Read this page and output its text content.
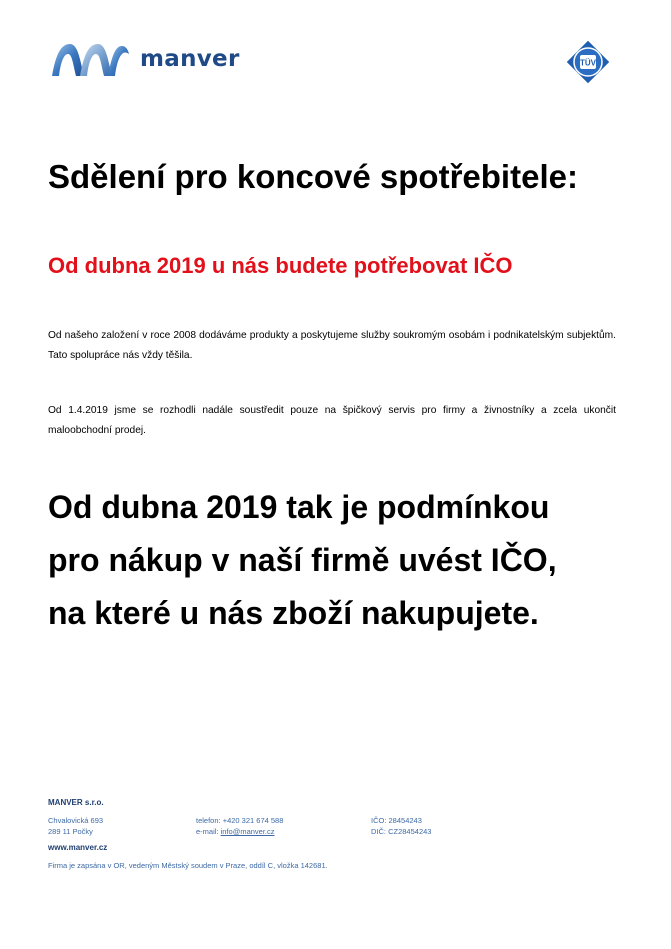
manver	TÜV
Sdělení pro koncové spotřebitele:
Od dubna 2019 u nás budete potřebovat IČO

Od našeho založení v roce 2008 dodáváme produkty a poskytujeme služby soukromým osobám i podnikatelským subjektům. Tato spolupráce nás vždy těšila.

Od 1.4.2019 jsme se rozhodli nadále soustředit pouze na špičkový servis pro firmy a živnostníky a zcela ukončit maloobchodní prodej.

Od dubna 2019 tak je podmínkou
pro nákup v naší firmě uvést IČO,
na které u nás zboží nakupujete.
MANVER s.r.o.
Chvalovická 693
289 11 Počky
telefon: +420 321 674 588
e-mail: info@manver.cz
IČO: 28454243
DIČ: CZ28454243
www.manver.cz
Firma je zapsána v OR, vedeným Městský soudem v Praze, oddíl C, vložka 142681.
